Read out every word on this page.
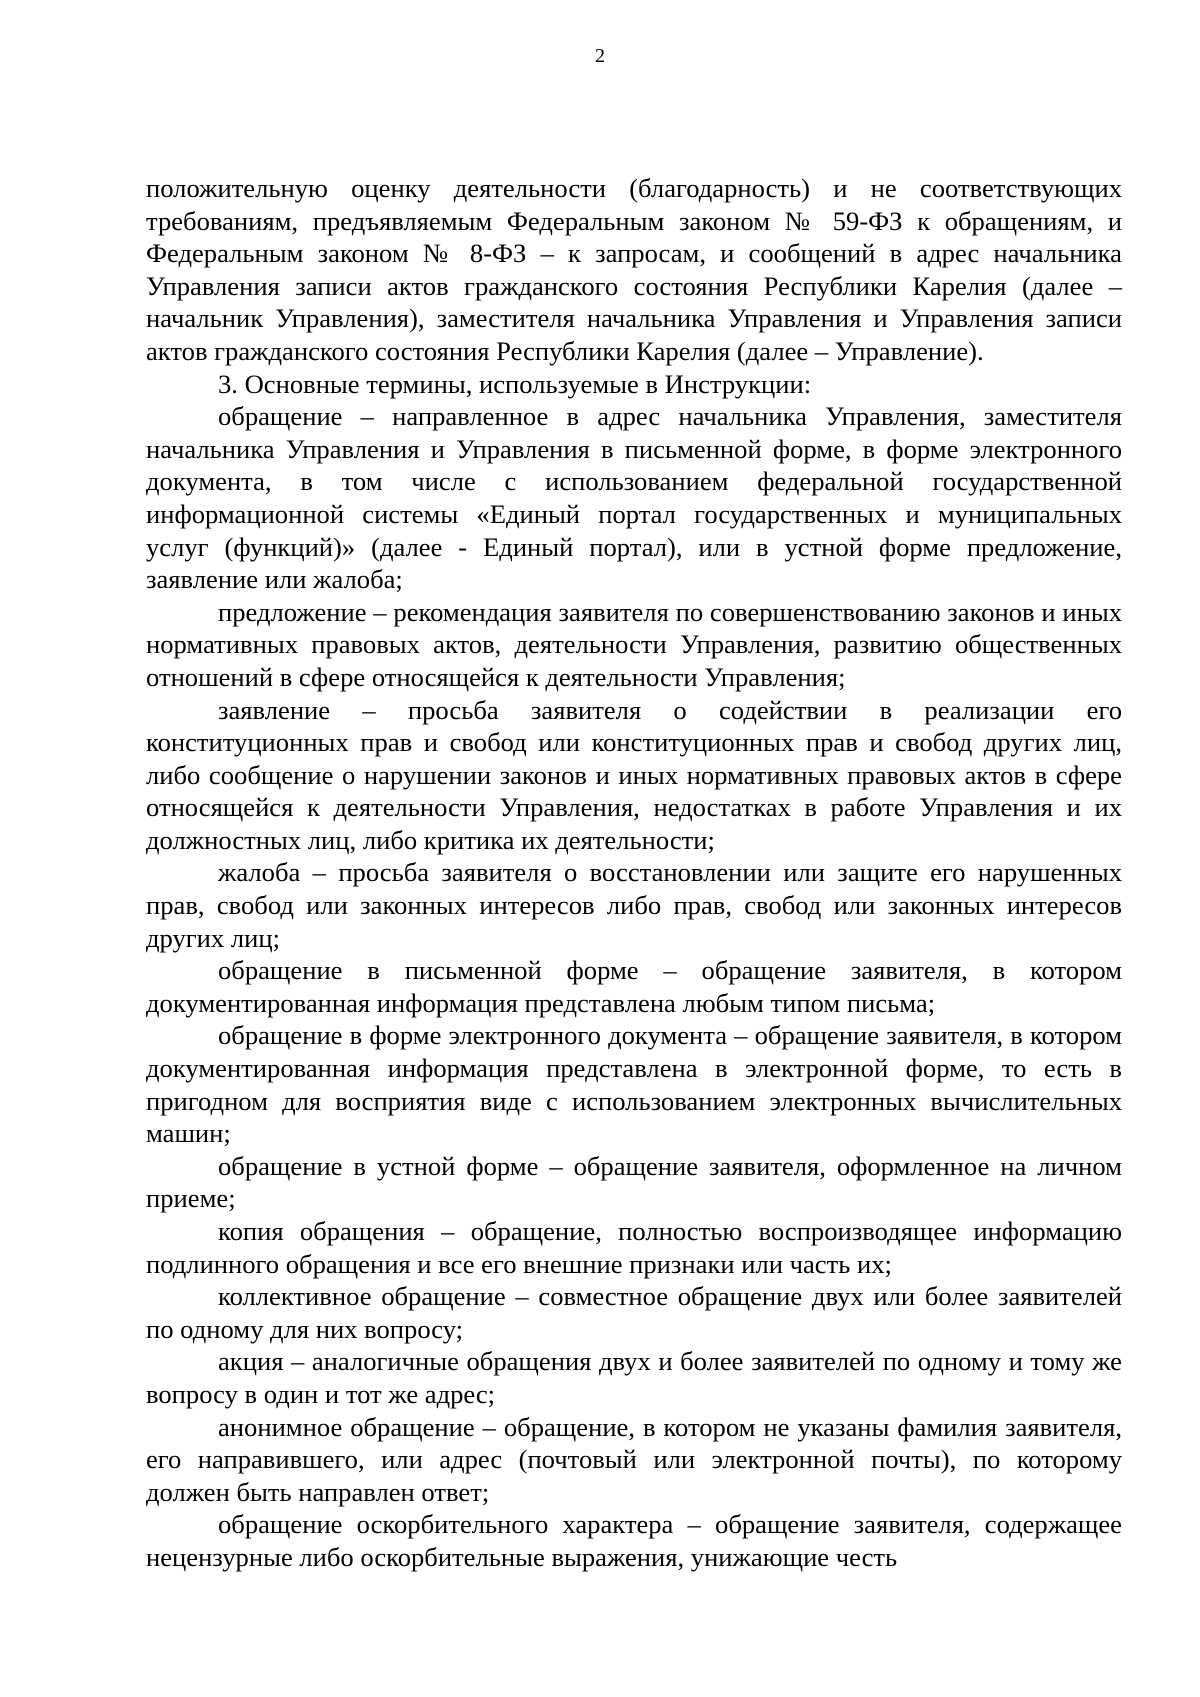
2

положительную оценку деятельности (благодарность) и не соответствующих требованиям, предъявляемым Федеральным законом № 59-ФЗ к обращениям, и Федеральным законом № 8-ФЗ – к запросам, и сообщений в адрес начальника Управления записи актов гражданского состояния Республики Карелия (далее – начальник Управления), заместителя начальника Управления и Управления записи актов гражданского состояния Республики Карелия (далее – Управление).

3. Основные термины, используемые в Инструкции:

обращение – направленное в адрес начальника Управления, заместителя начальника Управления и Управления в письменной форме, в форме электронного документа, в том числе с использованием федеральной государственной информационной системы «Единый портал государственных и муниципальных услуг (функций)» (далее - Единый портал), или в устной форме предложение, заявление или жалоба;

предложение – рекомендация заявителя по совершенствованию законов и иных нормативных правовых актов, деятельности Управления, развитию общественных отношений в сфере относящейся к деятельности Управления;

заявление – просьба заявителя о содействии в реализации его конституционных прав и свобод или конституционных прав и свобод других лиц, либо сообщение о нарушении законов и иных нормативных правовых актов в сфере относящейся к деятельности Управления, недостатках в работе Управления и их должностных лиц, либо критика их деятельности;

жалоба – просьба заявителя о восстановлении или защите его нарушенных прав, свобод или законных интересов либо прав, свобод или законных интересов других лиц;

обращение в письменной форме – обращение заявителя, в котором документированная информация представлена любым типом письма;

обращение в форме электронного документа – обращение заявителя, в котором документированная информация представлена в электронной форме, то есть в пригодном для восприятия виде с использованием электронных вычислительных машин;

обращение в устной форме – обращение заявителя, оформленное на личном приеме;

копия обращения – обращение, полностью воспроизводящее информацию подлинного обращения и все его внешние признаки или часть их;

коллективное обращение – совместное обращение двух или более заявителей по одному для них вопросу;

акция – аналогичные обращения двух и более заявителей по одному и тому же вопросу в один и тот же адрес;

анонимное обращение – обращение, в котором не указаны фамилия заявителя, его направившего, или адрес (почтовый или электронной почты), по которому должен быть направлен ответ;

обращение оскорбительного характера – обращение заявителя, содержащее нецензурные либо оскорбительные выражения, унижающие честь
